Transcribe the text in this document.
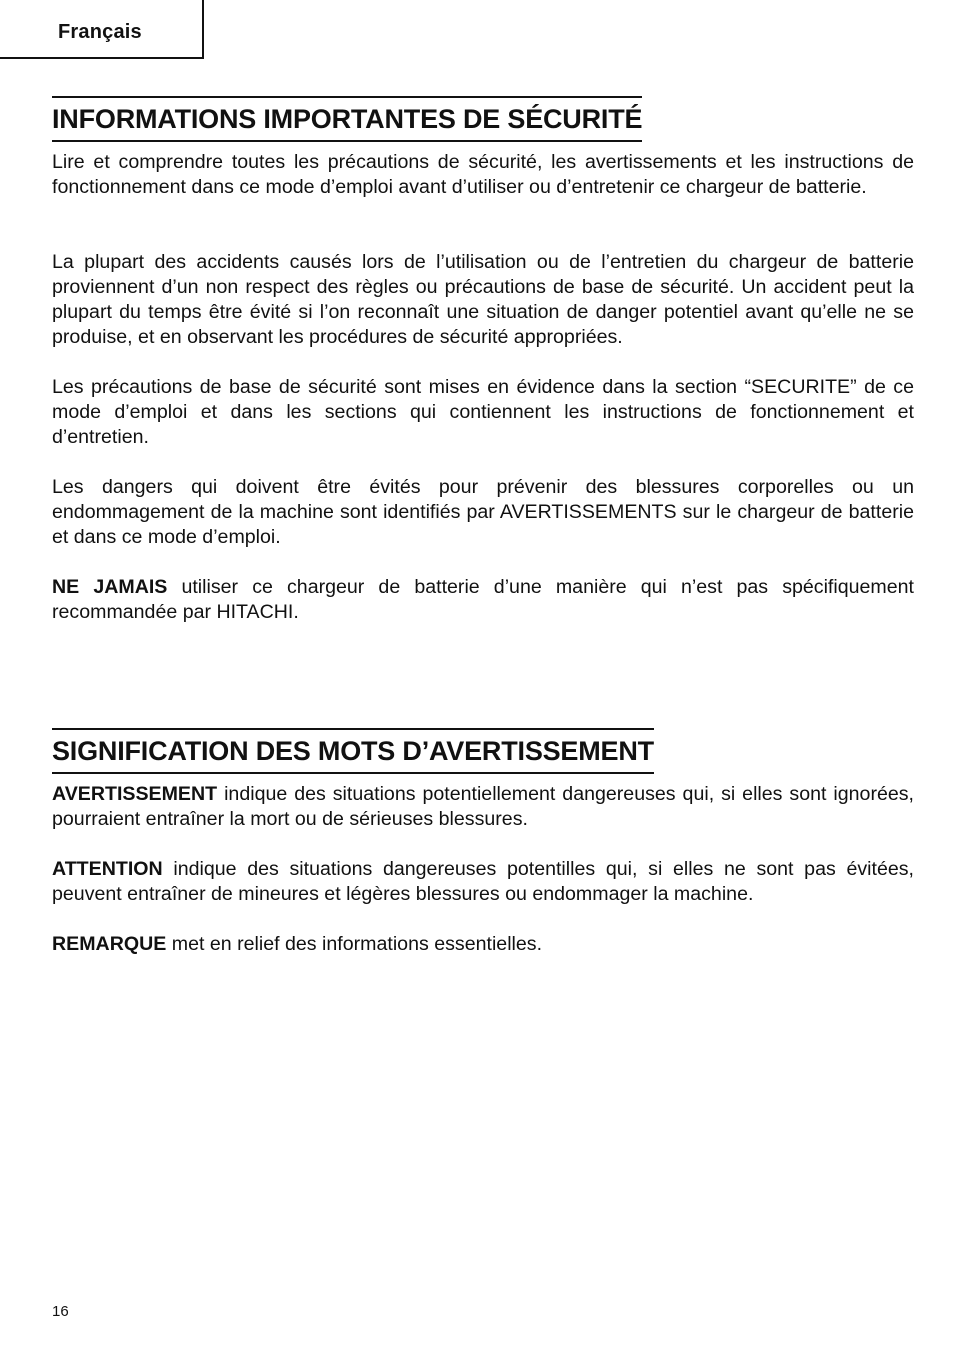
Français
INFORMATIONS IMPORTANTES DE SÉCURITÉ

Lire et comprendre toutes les précautions de sécurité, les avertissements et les instructions de fonctionnement dans ce mode d’emploi avant d’utiliser ou d’entretenir ce chargeur de batterie.

La plupart des accidents causés lors de l’utilisation ou de l’entretien du chargeur de batterie proviennent d’un non respect des règles ou précautions de base de sécurité. Un accident peut la plupart du temps être évité si l’on reconnaît une situation de danger potentiel avant qu’elle ne se produise, et en observant les procédures de sécurité appropriées.

Les précautions de base de sécurité sont mises en évidence dans la section “SECURITE” de ce mode d’emploi et dans les sections qui contiennent les instructions de fonctionnement et d’entretien.

Les dangers qui doivent être évités pour prévenir des blessures corporelles ou un endommagement de la machine sont identifiés par AVERTISSEMENTS sur le chargeur de batterie et dans ce mode d’emploi.

NE JAMAIS utiliser ce chargeur de batterie d’une manière qui n’est pas spécifiquement recommandée par HITACHI.

SIGNIFICATION DES MOTS D’AVERTISSEMENT

AVERTISSEMENT indique des situations potentiellement dangereuses qui, si elles sont ignorées, pourraient entraîner la mort ou de sérieuses blessures.

ATTENTION indique des situations dangereuses potentilles qui, si elles ne sont pas évitées, peuvent entraîner de mineures et légères blessures ou endommager la machine.

REMARQUE met en relief des informations essentielles.

16
